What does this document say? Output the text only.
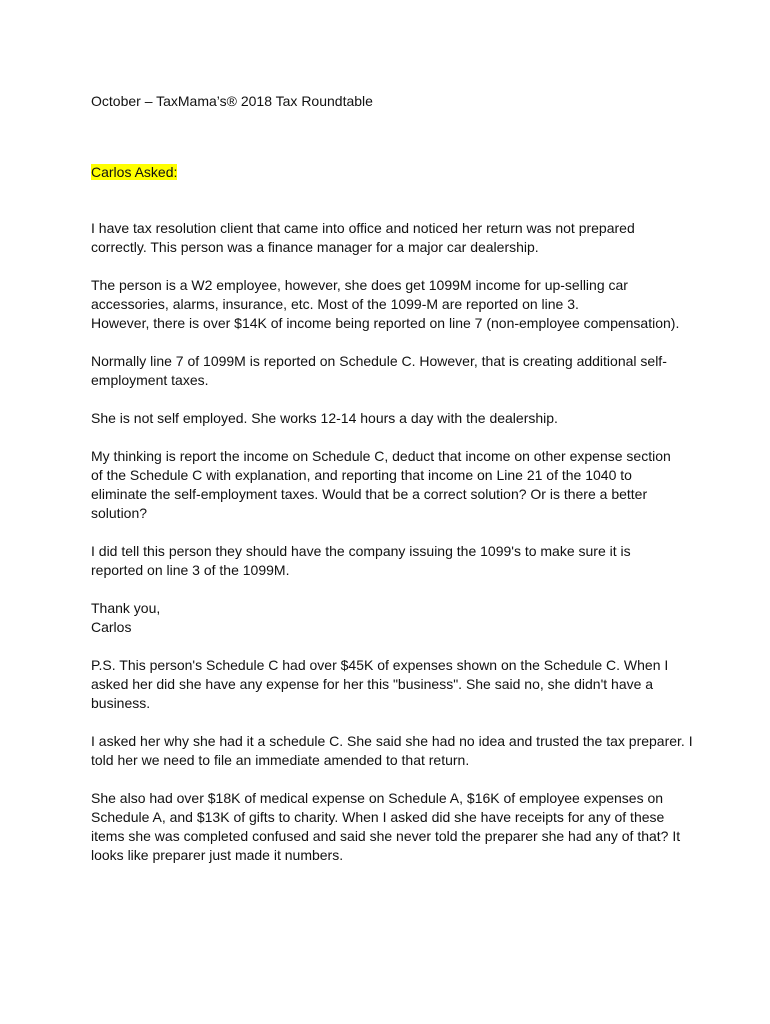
October – TaxMama’s® 2018 Tax Roundtable

Carlos Asked:

I have tax resolution client that came into office and noticed her return was not prepared
correctly. This person was a finance manager for a major car dealership.

The person is a W2 employee, however, she does get 1099M income for up-selling car
accessories, alarms, insurance, etc. Most of the 1099-M are reported on line 3.
However, there is over $14K of income being reported on line 7 (non-employee compensation).

Normally line 7 of 1099M is reported on Schedule C. However, that is creating additional self-
employment taxes.

She is not self employed. She works 12-14 hours a day with the dealership.

My thinking is report the income on Schedule C, deduct that income on other expense section
of the Schedule C with explanation, and reporting that income on Line 21 of the 1040 to
eliminate the self-employment taxes. Would that be a correct solution? Or is there a better
solution?

I did tell this person they should have the company issuing the 1099's to make sure it is
reported on line 3 of the 1099M.

Thank you,
Carlos

P.S. This person's Schedule C had over $45K of expenses shown on the Schedule C. When I
asked her did she have any expense for her this "business". She said no, she didn't have a
business.

I asked her why she had it a schedule C. She said she had no idea and trusted the tax preparer. I
told her we need to file an immediate amended to that return.

She also had over $18K of medical expense on Schedule A, $16K of employee expenses on
Schedule A, and $13K of gifts to charity. When I asked did she have receipts for any of these
items she was completed confused and said she never told the preparer she had any of that? It
looks like preparer just made it numbers.
